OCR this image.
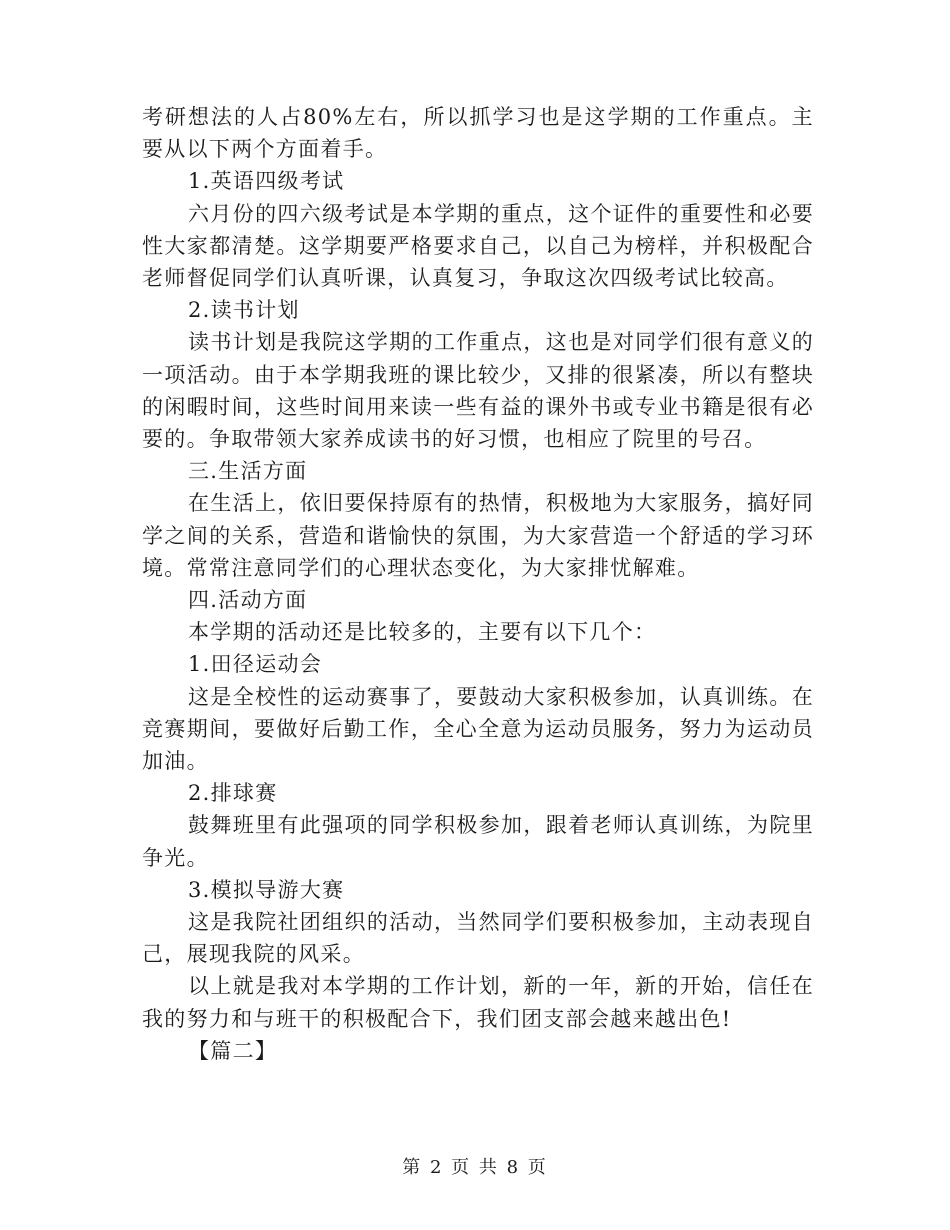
考研想法的人占80%左右，所以抓学习也是这学期的工作重点。主要从以下两个方面着手。

1.英语四级考试

六月份的四六级考试是本学期的重点，这个证件的重要性和必要性大家都清楚。这学期要严格要求自己，以自己为榜样，并积极配合老师督促同学们认真听课，认真复习，争取这次四级考试比较高。

2.读书计划

读书计划是我院这学期的工作重点，这也是对同学们很有意义的一项活动。由于本学期我班的课比较少，又排的很紧凑，所以有整块的闲暇时间，这些时间用来读一些有益的课外书或专业书籍是很有必要的。争取带领大家养成读书的好习惯，也相应了院里的号召。

三.生活方面

在生活上，依旧要保持原有的热情，积极地为大家服务，搞好同学之间的关系，营造和谐愉快的氛围，为大家营造一个舒适的学习环境。常常注意同学们的心理状态变化，为大家排忧解难。

四.活动方面

本学期的活动还是比较多的，主要有以下几个：

1.田径运动会

这是全校性的运动赛事了，要鼓动大家积极参加，认真训练。在竞赛期间，要做好后勤工作，全心全意为运动员服务，努力为运动员加油。

2.排球赛

鼓舞班里有此强项的同学积极参加，跟着老师认真训练，为院里争光。

3.模拟导游大赛

这是我院社团组织的活动，当然同学们要积极参加，主动表现自己，展现我院的风采。

以上就是我对本学期的工作计划，新的一年，新的开始，信任在我的努力和与班干的积极配合下，我们团支部会越来越出色!

【篇二】

第 2 页 共 8 页
